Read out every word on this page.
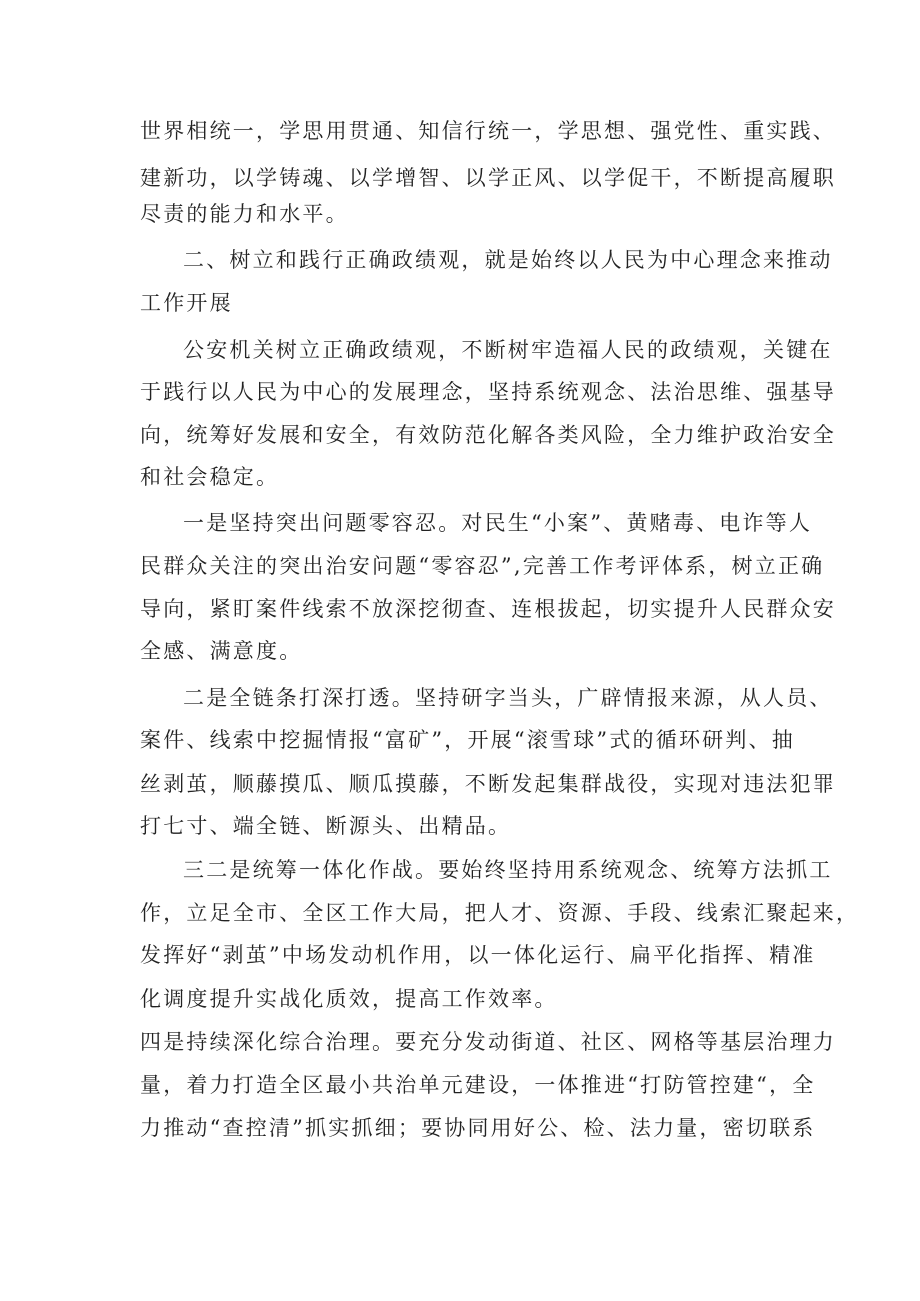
世界相统一，学思用贯通、知信行统一，学思想、强党性、重实践、
建新功，以学铸魂、以学增智、以学正风、以学促干，不断提高履职
尽责的能力和水平。
二、树立和践行正确政绩观，就是始终以人民为中心理念来推动
工作开展
公安机关树立正确政绩观，不断树牢造福人民的政绩观，关键在
于践行以人民为中心的发展理念，坚持系统观念、法治思维、强基导
向，统筹好发展和安全，有效防范化解各类风险，全力维护政治安全
和社会稳定。
一是坚持突出问题零容忍。对民生“小案”、黄赌毒、电诈等人
民群众关注的突出治安问题“零容忍”,完善工作考评体系，树立正确
导向，紧盯案件线索不放深挖彻查、连根拔起，切实提升人民群众安
全感、满意度。
二是全链条打深打透。坚持研字当头，广辟情报来源，从人员、
案件、线索中挖掘情报“富矿”，开展“滚雪球”式的循环研判、抽
丝剥茧，顺藤摸瓜、顺瓜摸藤，不断发起集群战役，实现对违法犯罪
打七寸、端全链、断源头、出精品。
三二是统筹一体化作战。要始终坚持用系统观念、统筹方法抓工
作，立足全市、全区工作大局，把人才、资源、手段、线索汇聚起来，
发挥好“剥茧”中场发动机作用，以一体化运行、扁平化指挥、精准
化调度提升实战化质效，提高工作效率。
四是持续深化综合治理。要充分发动街道、社区、网格等基层治理力
量，着力打造全区最小共治单元建设，一体推进“打防管控建“，全
力推动“查控清”抓实抓细；要协同用好公、检、法力量，密切联系
